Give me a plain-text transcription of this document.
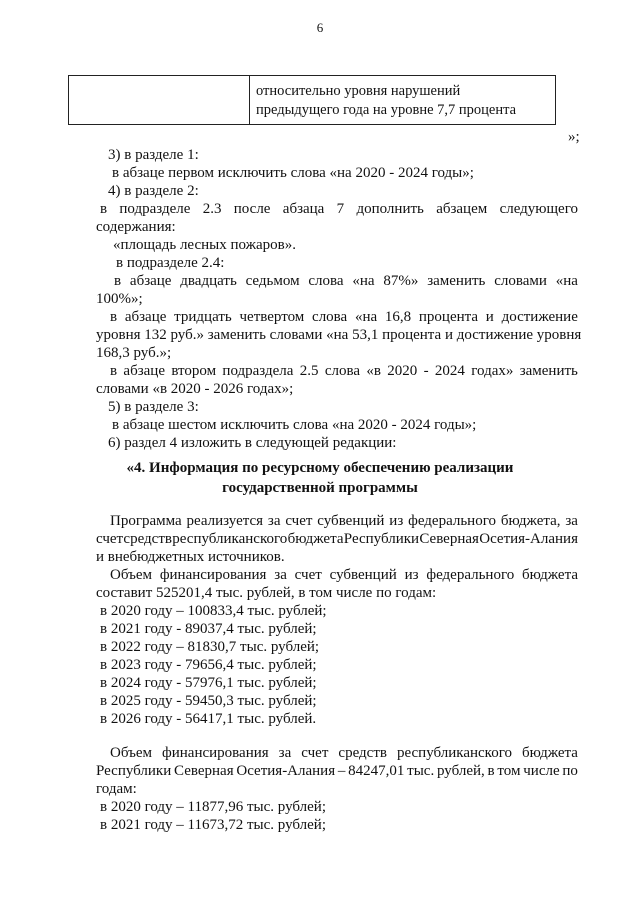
6

относительно уровня нарушений
предыдущего года на уровне 7,7 процента
»;
3) в разделе 1:
в абзаце первом исключить слова «на 2020 - 2024 годы»;
4) в разделе 2:
в подразделе 2.3 после абзаца 7 дополнить абзацем следующего
содержания:
«площадь лесных пожаров».
в подразделе 2.4:
в абзаце двадцать седьмом слова «на 87%» заменить словами «на
100%»;
в абзаце тридцать четвертом слова «на 16,8 процента и достижение
уровня 132 руб.» заменить словами «на 53,1 процента и достижение уровня
168,3 руб.»;
в абзаце втором подраздела 2.5 слова «в 2020 - 2024 годах» заменить
словами «в 2020 - 2026 годах»;
5) в разделе 3:
в абзаце шестом исключить слова «на 2020 - 2024 годы»;
6) раздел 4 изложить в следующей редакции:
«4. Информация по ресурсному обеспечению реализации
государственной программы
Программа реализуется за счет субвенций из федерального бюджета, за
счет средств республиканского бюджета Республики Северная Осетия-Алания
и внебюджетных источников.
Объем финансирования за счет субвенций из федерального бюджета
составит 525201,4 тыс. рублей, в том числе по годам:
в 2020 году – 100833,4 тыс. рублей;
в 2021 году - 89037,4 тыс. рублей;
в 2022 году – 81830,7 тыс. рублей;
в 2023 году - 79656,4 тыс. рублей;
в 2024 году - 57976,1 тыс. рублей;
в 2025 году - 59450,3 тыс. рублей;
в 2026 году - 56417,1 тыс. рублей.
Объем финансирования за счет средств республиканского бюджета
Республики Северная Осетия-Алания – 84247,01 тыс. рублей, в том числе по
годам:
в 2020 году – 11877,96 тыс. рублей;
в 2021 году – 11673,72 тыс. рублей;
